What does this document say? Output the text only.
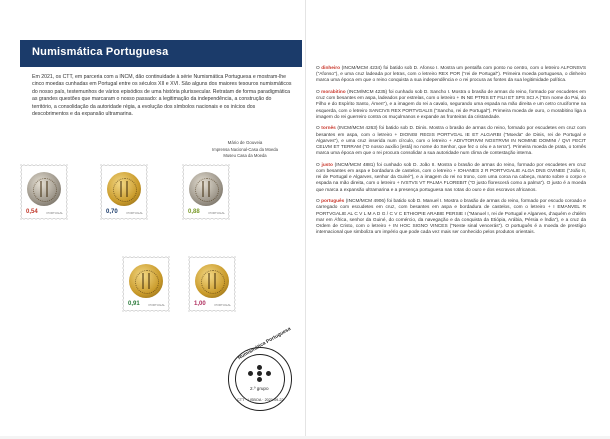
Numismática Portuguesa
Em 2021, os CTT, em parceria com a INCM, dão continuidade à série Numismática Portuguesa e mostram-lhe cinco moedas cunhadas em Portugal entre os séculos XII e XVI. São alguns dos maiores tesouros numismáticos do nosso país, testemunhos de vários episódios de uma história plurissecular. Retratam de forma paradigmática as grandes questões que marcaram o nosso passado: a legitimação da independência, a construção do território, a consolidação da autoridade régia, a evolução dos símbolos nacionais e os inícios dos descobrimentos e da expansão ultramarina.
Mário de Gouveia
Imprensa Nacional-Casa da Moeda
Museu Casa da Moeda
0,54	PORTUGAL	0,70	PORTUGAL	0,88	PORTUGAL
0,91	PORTUGAL	1,00	PORTUGAL
Numismática Portuguesa
2.º grupo
CTT · LISBOA · 2021.09.22

O dinheiro (INCM/MCM 4234) foi batido sob D. Afonso I. Mostra um pentalfa com ponto no centro, com o letreiro ALFONSVS ("Afonso"), e uma cruz ladeada por letras, com o letreiro REX POR ("rei de Portugal"). Primeira moeda portuguesa, o dinheiro marca uma época em que o reino conquista a sua independência e o rei procura as fontes da sua legitimidade política.

O morabitino (INCM/MCM 4235) foi cunhado sob D. Sancho I. Mostra o brasão de armas do reino, formado por escudetes em cruz com besantes em aspa, ladeados por estrelas, com o letreiro + IN NE PTRIS ET FILII ET SPS SCI A ("Em nome do Pai, do Filho e do Espírito Santo, Ámen"), e a imagem do rei a cavalo, segurando uma espada na mão direita e um cetro cruciforme na esquerda, com o letreiro SANCIVS REX PORTVGALIS ("Sancho, rei de Portugal"). Primeira moeda de ouro, o morabitino liga a imagem do rei guerreiro contra os muçulmanos e expande as fronteiras da cristandade.

O tornês (INCM/MCM 4263) foi batido sob D. Dinis. Mostra o brasão de armas do reino, formado por escudetes em cruz com besantes em aspa, com o letreiro + DIONISI REGIS PORTVGAL IE ET ALGARBI ("Moeda" de Dinis, rei de Portugal e Algarves"), e uma cruz inserida num círculo, com o letreiro + ADIVTORIVM NOSTRVM IN NOMINE DOMINI / QVI FECIT CELVM ET TERRAM ("O nosso auxílio [está] no nome do Senhor, que fez o céu e a terra"). Primeira moeda de prata, o tornês marca uma época em que o rei procura consolidar a sua autoridade num clima de contestação interna.

O justo (INCM/MCM 4881) foi cunhado sob D. João II. Mostra o brasão de armas do reino, formado por escudetes em cruz com besantes em aspa e bordadura de castelos, com o letreiro + IOHANES 2 R PORTVGALIE ALGA DNS GVINEE ("João II, rei de Portugal e Algarves, senhor da Guiné"), e a imagem do rei no trono, com uma coroa na cabeça, manto sobre o corpo e espada na mão direita, com o letreiro + IVSTVS VT PALMA FLOREBIT ("O justo florescerá como a palma"). O justo é a moeda que marca a expansão ultramarina e a presença portuguesa nas rotas do ouro e dos escravos africanos.

O português (INCM/MCM 4906) foi batido sob D. Manuel I. Mostra o brasão de armas do reino, formado por escudo coroado e carregado com escudetes em cruz, com besantes em aspa e bordadura de castelos, com o letreiro + I EMANVEL R PORTVGALIE AL C V L M A D G / C V C ETHIOPIE ARABIE PERSIE I ("Manuel I, rei de Portugal e Algarves, d'aquém e d'além mar em África, senhor da Guiné, do comércio, da navegação e da conquista da Etiópia, Arábia, Pérsia e Índia"), e a cruz da Ordem de Cristo, com o letreiro + IN HOC SIGNO VINCES ("Neste sinal vencerás"). O português é a moeda de prestígio internacional que simboliza um império que pode cada vez mais ser conhecido pelos produtos orientais.
